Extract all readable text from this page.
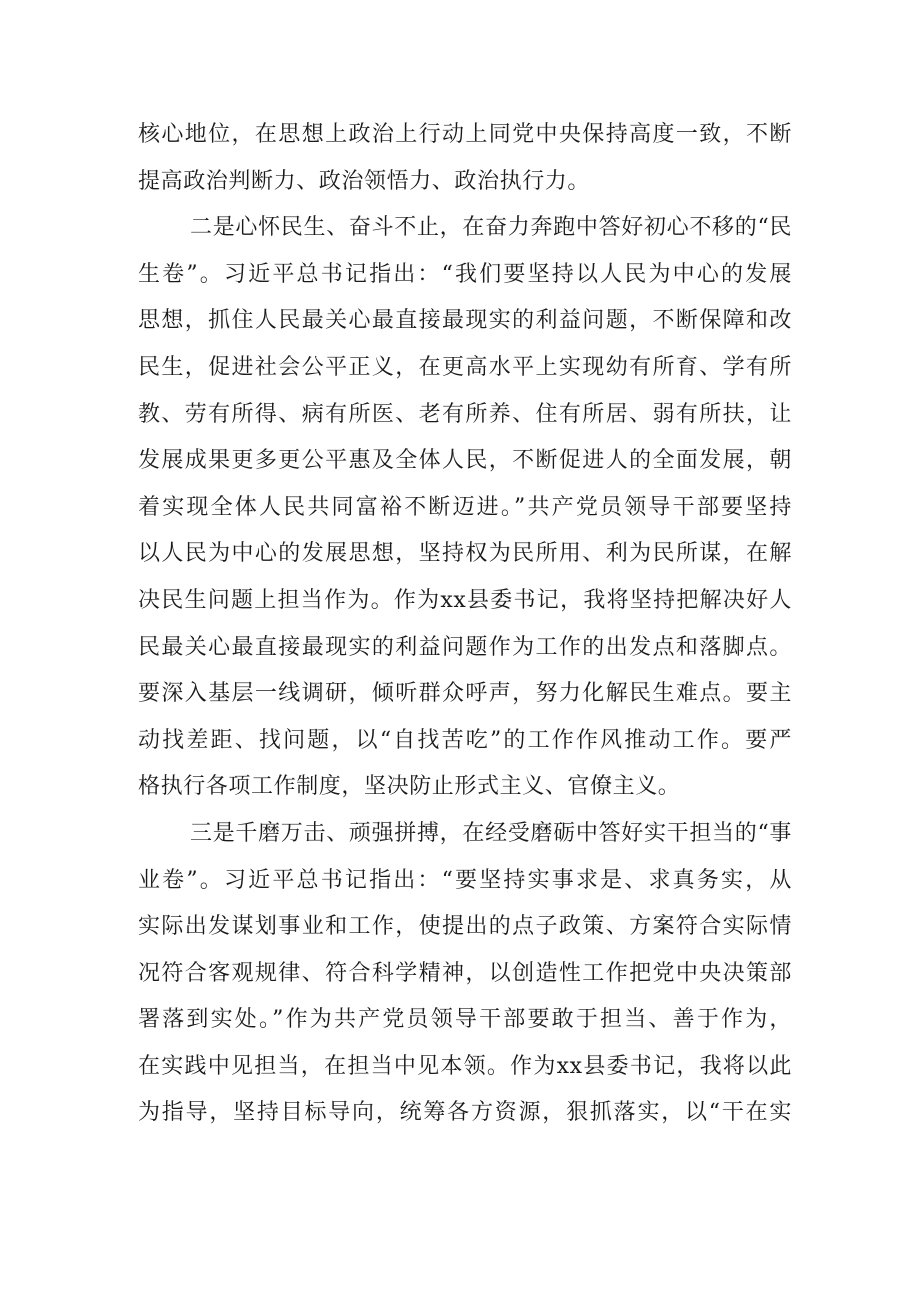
核心地位，在思想上政治上行动上同党中央保持高度一致，不断
提高政治判断力、政治领悟力、政治执行力。
二是心怀民生、奋斗不止，在奋力奔跑中答好初心不移的“民
生卷”。习近平总书记指出：“我们要坚持以人民为中心的发展
思想，抓住人民最关心最直接最现实的利益问题，不断保障和改
民生，促进社会公平正义，在更高水平上实现幼有所育、学有所
教、劳有所得、病有所医、老有所养、住有所居、弱有所扶，让
发展成果更多更公平惠及全体人民，不断促进人的全面发展，朝
着实现全体人民共同富裕不断迈进。”共产党员领导干部要坚持
以人民为中心的发展思想，坚持权为民所用、利为民所谋，在解
决民生问题上担当作为。作为xx县委书记，我将坚持把解决好人
民最关心最直接最现实的利益问题作为工作的出发点和落脚点。
要深入基层一线调研，倾听群众呼声，努力化解民生难点。要主
动找差距、找问题，以“自找苦吃”的工作作风推动工作。要严
格执行各项工作制度，坚决防止形式主义、官僚主义。
三是千磨万击、顽强拼搏，在经受磨砺中答好实干担当的“事
业卷”。习近平总书记指出：“要坚持实事求是、求真务实，从
实际出发谋划事业和工作，使提出的点子政策、方案符合实际情
况符合客观规律、符合科学精神，以创造性工作把党中央决策部
署落到实处。”作为共产党员领导干部要敢于担当、善于作为，
在实践中见担当，在担当中见本领。作为xx县委书记，我将以此
为指导，坚持目标导向，统筹各方资源，狠抓落实，以“干在实
